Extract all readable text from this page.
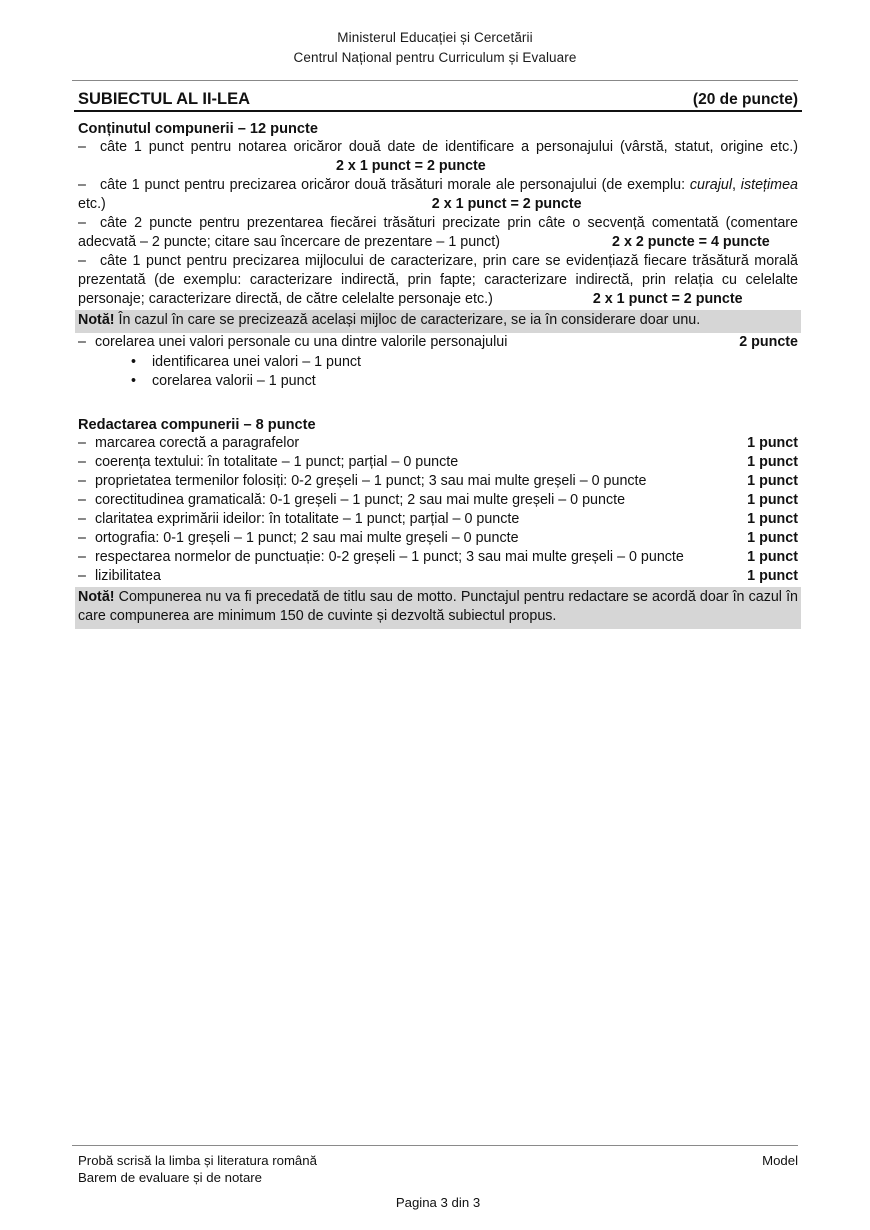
Ministerul Educației și Cercetării
Centrul Național pentru Curriculum și Evaluare
SUBIECTUL AL II-LEA	(20 de puncte)
Conținutul compunerii – 12 puncte

– câte 1 punct pentru notarea oricăror două date de identificare a personajului (vârstă, statut, origine etc.) 2 x 1 punct = 2 puncte

– câte 1 punct pentru precizarea oricăror două trăsături morale ale personajului (de exemplu: curajul, istețimea etc.)	2 x 1 punct = 2 puncte

– câte 2 puncte pentru prezentarea fiecărei trăsături precizate prin câte o secvență comentată (comentare adecvată – 2 puncte; citare sau încercare de prezentare – 1 punct)	2 x 2 puncte = 4 puncte

– câte 1 punct pentru precizarea mijlocului de caracterizare, prin care se evidențiază fiecare trăsătură morală prezentată (de exemplu: caracterizare indirectă, prin fapte; caracterizare indirectă, prin relația cu celelalte personaje; caracterizare directă, de către celelalte personaje etc.)	2 x 1 punct = 2 puncte

Notă! În cazul în care se precizează același mijloc de caracterizare, se ia în considerare doar unu.
– corelarea unei valori personale cu una dintre valorile personajului	2 puncte
• identificarea unei valori – 1 punct
• corelarea valorii – 1 punct
Redactarea compunerii – 8 puncte
– marcarea corectă a paragrafelor	1 punct
– coerența textului: în totalitate – 1 punct; parțial – 0 puncte	1 punct
– proprietatea termenilor folosiți: 0-2 greșeli – 1 punct; 3 sau mai multe greșeli – 0 puncte	1 punct
– corectitudinea gramaticală: 0-1 greșeli – 1 punct; 2 sau mai multe greșeli – 0 puncte	1 punct
– claritatea exprimării ideilor: în totalitate – 1 punct; parțial – 0 puncte	1 punct
– ortografia: 0-1 greșeli – 1 punct; 2 sau mai multe greșeli – 0 puncte	1 punct
– respectarea normelor de punctuație: 0-2 greșeli – 1 punct; 3 sau mai multe greșeli – 0 puncte	1 punct
– lizibilitatea	1 punct
Notă! Compunerea nu va fi precedată de titlu sau de motto. Punctajul pentru redactare se acordă doar în cazul în care compunerea are minimum 150 de cuvinte și dezvoltă subiectul propus.
Probă scrisă la limba și literatura română
Barem de evaluare și de notare
Model
Pagina 3 din 3
